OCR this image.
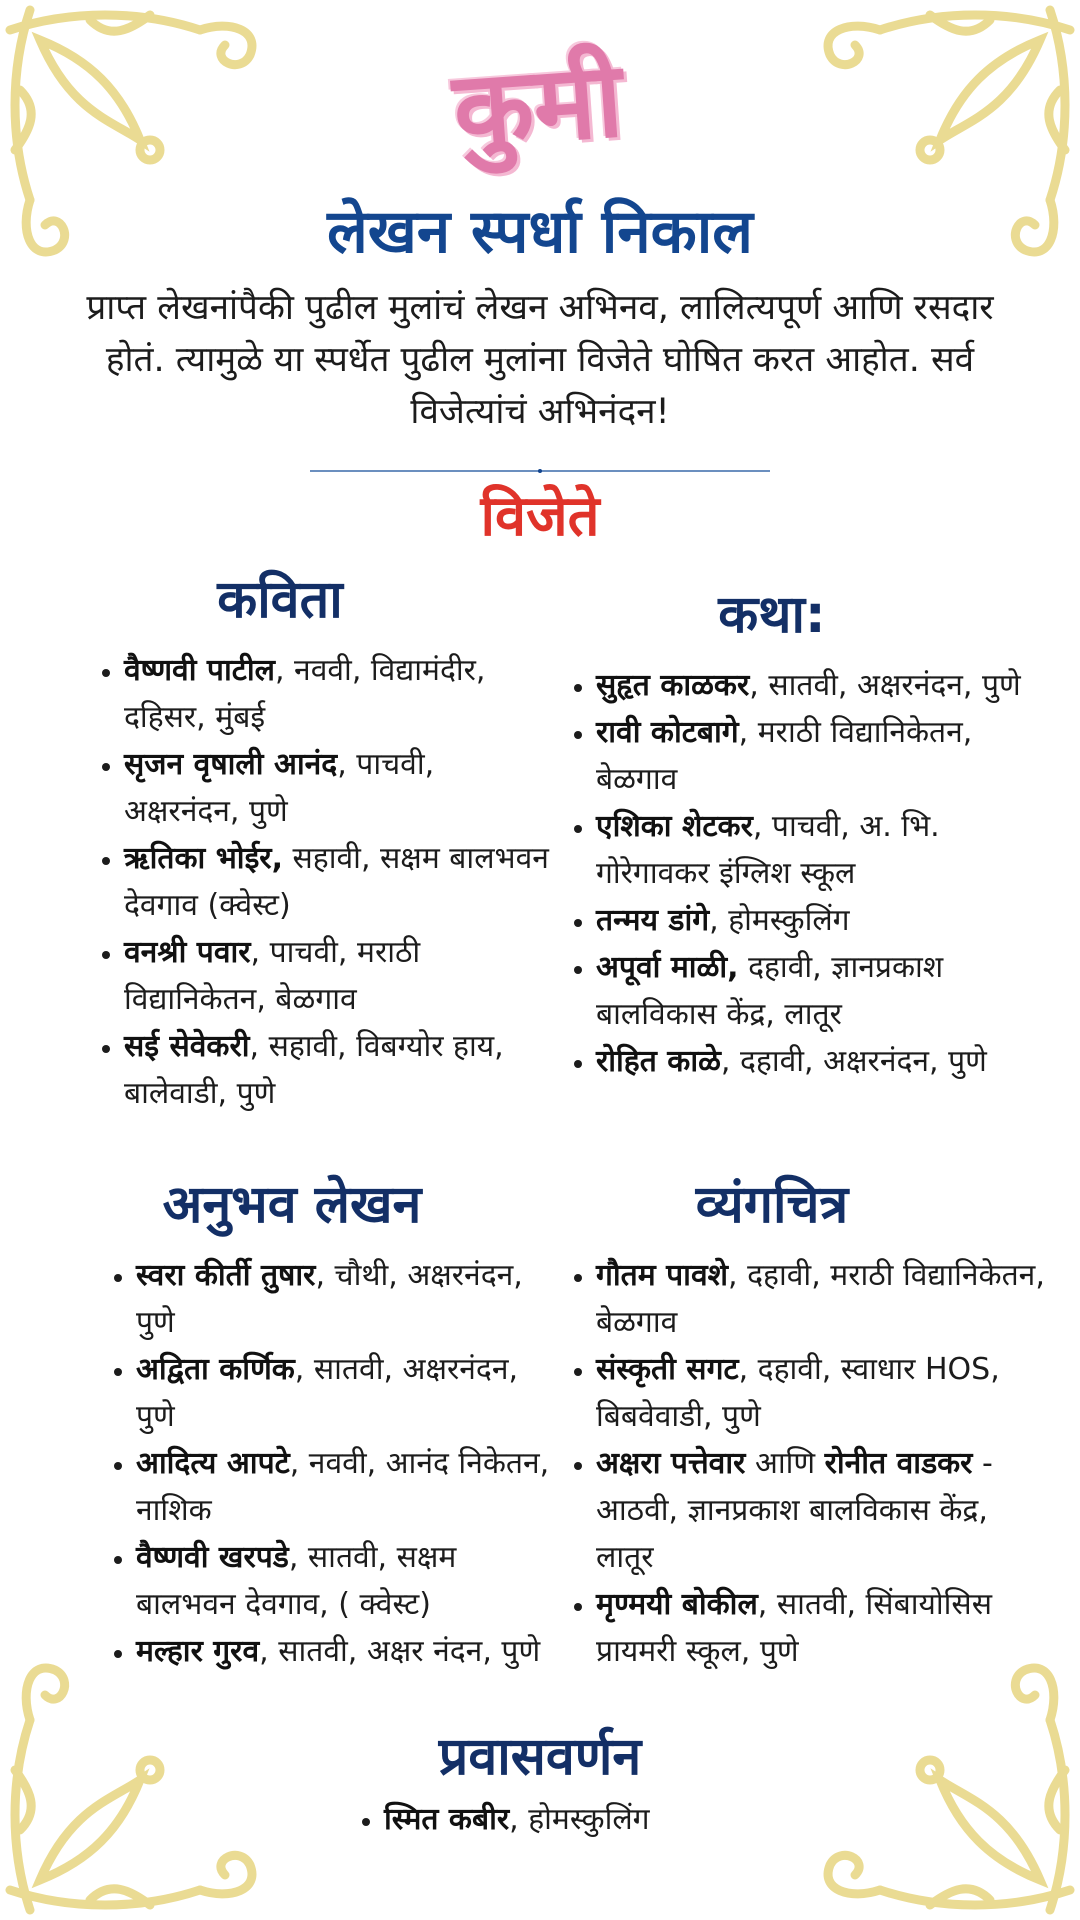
कुमी
लेखन स्पर्धा निकाल
प्राप्त लेखनांपैकी पुढील मुलांचं लेखन अभिनव, लालित्यपूर्ण आणि रसदार होतं. त्यामुळे या स्पर्धेत पुढील मुलांना विजेते घोषित करत आहोत. सर्व विजेत्यांचं अभिनंदन!
विजेते
कविता
• वैष्णवी पाटील, नववी, विद्यामंदीर, दहिसर, मुंबई
• सृजन वृषाली आनंद, पाचवी, अक्षरनंदन, पुणे
• ऋतिका भोईर, सहावी, सक्षम बालभवन देवगाव (क्वेस्ट)
• वनश्री पवार, पाचवी, मराठी विद्यानिकेतन, बेळगाव
• सई सेवेकरी, सहावी, विबग्योर हाय, बालेवाडी, पुणे
कथा:
• सुहृत काळकर, सातवी, अक्षरनंदन, पुणे
• रावी कोटबागे, मराठी विद्यानिकेतन, बेळगाव
• एशिका शेटकर, पाचवी, अ. भि. गोरेगावकर इंग्लिश स्कूल
• तन्मय डांगे, होमस्कुलिंग
• अपूर्वा माळी, दहावी, ज्ञानप्रकाश बालविकास केंद्र, लातूर
• रोहित काळे, दहावी, अक्षरनंदन, पुणे
अनुभव लेखन
• स्वरा कीर्ती तुषार, चौथी, अक्षरनंदन, पुणे
• अद्विता कर्णिक, सातवी, अक्षरनंदन, पुणे
• आदित्य आपटे, नववी, आनंद निकेतन, नाशिक
• वैष्णवी खरपडे, सातवी, सक्षम बालभवन देवगाव, ( क्वेस्ट)
• मल्हार गुरव, सातवी, अक्षर नंदन, पुणे
व्यंगचित्र
• गौतम पावशे, दहावी, मराठी विद्यानिकेतन, बेळगाव
• संस्कृती सगट, दहावी, स्वाधार HOS, बिबवेवाडी, पुणे
• अक्षरा पत्तेवार आणि रोनीत वाडकर - आठवी, ज्ञानप्रकाश बालविकास केंद्र, लातूर
• मृण्मयी बोकील, सातवी, सिंबायोसिस प्रायमरी स्कूल, पुणे
प्रवासवर्णन
• स्मित कबीर, होमस्कुलिंग
